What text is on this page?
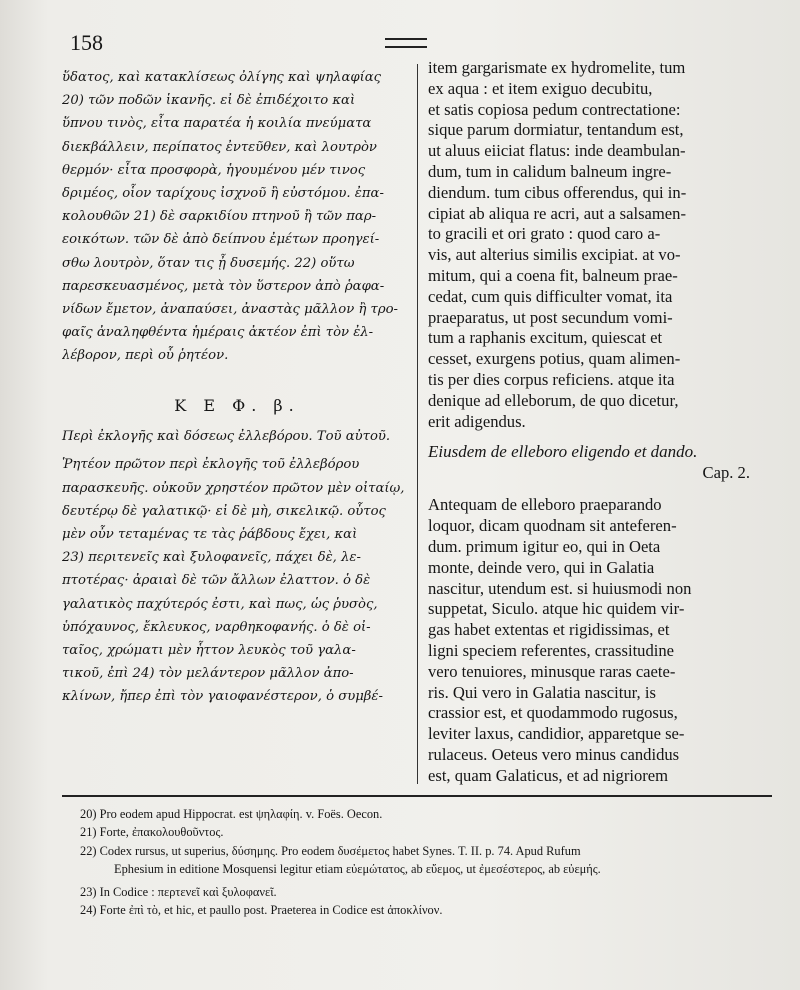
158
ὕδατος, καὶ κατακλίσεως ὀλίγης καὶ ψηλαφίας
20) τῶν ποδῶν ἱκανῆς. εἰ δὲ ἐπιδέχοιτο καὶ
ὕπνου τινὸς, εἶτα παρατέα ἡ κοιλία πνεύματα
διεκβάλλειν, περίπατος ἐντεῦθεν, καὶ λουτρὸν
θερμόν· εἶτα προσφορὰ, ἡγουμένου μέν τινος
δριμέος, οἷον ταρίχους ἰσχνοῦ ἢ εὐστόμου. ἐπα-
κολουθῶν 21) δὲ σαρκιδίου πτηνοῦ ἢ τῶν παρ-
εοικότων. τῶν δὲ ἀπὸ δείπνου ἐμέτων προηγεί-
σθω λουτρὸν, ὅταν τις ᾖ δυσεμής. 22) οὕτω
παρεσκευασμένος, μετὰ τὸν ὕστερον ἀπὸ ῥαφα-
νίδων ἔμετον, ἀναπαύσει, ἀναστὰς μᾶλλον ἢ τρο-
φαῖς ἀναληφθέντα ἡμέραις ἀκτέον ἐπὶ τὸν ἐλ-
λέβορον, περὶ οὗ ῥητέον.
Κ Ε Φ. β.
Περὶ ἐκλογῆς καὶ δόσεως ἐλλεβόρου. Τοῦ αὐτοῦ.
Ῥητέον πρῶτον περὶ ἐκλογῆς τοῦ ἐλλεβόρου
παρασκευῆς. οὐκοῦν χρηστέον πρῶτον μὲν οἰταίῳ,
δευτέρῳ δὲ γαλατικῷ· εἰ δὲ μὴ, σικελικῷ. οὗτος
μὲν οὖν τεταμένας τε τὰς ῥάβδους ἔχει, καὶ
23) περιτενεῖς καὶ ξυλοφανεῖς, πάχει δὲ, λε-
πτοτέρας· ἀραιαὶ δὲ τῶν ἄλλων ἐλαττον. ὁ δὲ
γαλατικὸς παχύτερός ἐστι, καὶ πως, ὡς ῥυσὸς,
ὑπόχαυνος, ἔκλευκος, ναρθηκοφανής. ὁ δὲ οἰ-
ταῖος, χρώματι μὲν ἧττον λευκὸς τοῦ γαλα-
τικοῦ, ἐπὶ 24) τὸν μελάντερον μᾶλλον ἀπο-
κλίνων, ἤπερ ἐπὶ τὸν γαιοφανέστερον, ὁ συμβέ-
item gargarismate ex hydromelite, tum
ex aqua : et item exiguo decubitu,
et satis copiosa pedum contrectatione:
sique parum dormiatur, tentandum est,
ut aluus eiiciat flatus: inde deambulan-
dum, tum in calidum balneum ingre-
diendum. tum cibus offerendus, qui in-
cipiat ab aliqua re acri, aut a salsamen-
to gracili et ori grato : quod caro a-
vis, aut alterius similis excipiat. at vo-
mitum, qui a coena fit, balneum prae-
cedat, cum quis difficulter vomat, ita
praeparatus, ut post secundum vomi-
tum a raphanis excitum, quiescat et
cesset, exurgens potius, quam alimen-
tis per dies corpus reficiens. atque ita
denique ad elleborum, de quo dicetur,
erit adigendus.
Eiusdem de elleboro eligendo et dando.
Cap. 2.
Antequam de elleboro praeparando
loquor, dicam quodnam sit anteferen-
dum. primum igitur eo, qui in Oeta
monte, deinde vero, qui in Galatia
nascitur, utendum est. si huiusmodi non
suppetat, Siculo. atque hic quidem vir-
gas habet extentas et rigidissimas, et
ligni speciem referentes, crassitudine
vero tenuiores, minusque raras caete-
ris. Qui vero in Galatia nascitur, is
crassior est, et quodammodo rugosus,
leviter laxus, candidior, apparetque se-
rulaceus. Oeteus vero minus candidus
est, quam Galaticus, et ad nigriorem
20) Pro eodem apud Hippocrat. est ψηλαφίη. v. Foës. Oecon.
21) Forte, ἐπακολουθοῦντος.
22) Codex rursus, ut superius, δύσημης. Pro eodem δυσέμετος habet Synes. T. II. p. 74. Apud Rufum
Ephesium in editione Mosquensi legitur etiam εὐεμώτατος, ab εὔεμος, ut ἐμεσέστερος, ab εὐεμής.
23) In Codice : περτενεῖ καὶ ξυλοφανεῖ.
24) Forte ἐπὶ τὸ, et hic, et paullo post. Praeterea in Codice est ἀποκλίνον.
